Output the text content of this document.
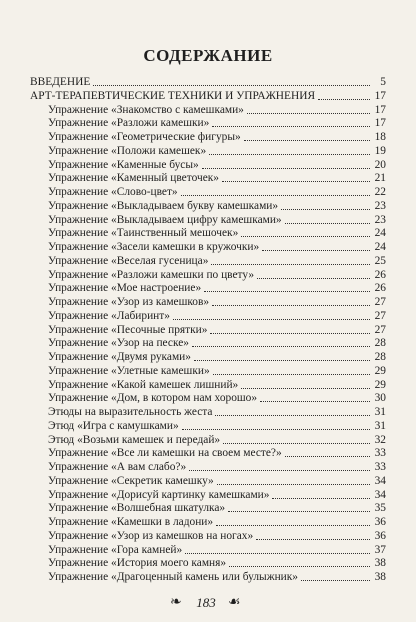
СОДЕРЖАНИЕ
ВВЕДЕНИЕ	5
АРТ-ТЕРАПЕВТИЧЕСКИЕ ТЕХНИКИ И УПРАЖНЕНИЯ	17
Упражнение «Знакомство с камешками»	17
Упражнение «Разложи камешки»	17
Упражнение «Геометрические фигуры»	18
Упражнение «Положи камешек»	19
Упражнение «Каменные бусы»	20
Упражнение «Каменный цветочек»	21
Упражнение «Слово-цвет»	22
Упражнение «Выкладываем букву камешками»	23
Упражнение «Выкладываем цифру камешками»	23
Упражнение «Таинственный мешочек»	24
Упражнение «Засели камешки в кружочки»	24
Упражнение «Веселая гусеница»	25
Упражнение «Разложи камешки по цвету»	26
Упражнение «Мое настроение»	26
Упражнение «Узор из камешков»	27
Упражнение «Лабиринт»	27
Упражнение «Песочные прятки»	27
Упражнение «Узор на песке»	28
Упражнение «Двумя руками»	28
Упражнение «Улетные камешки»	29
Упражнение «Какой камешек лишний»	29
Упражнение «Дом, в котором нам хорошо»	30
Этюды на выразительность жеста	31
Этюд «Игра с камушками»	31
Этюд «Возьми камешек и передай»	32
Упражнение «Все ли камешки на своем месте?»	33
Упражнение «А вам слабо?»	33
Упражнение «Секретик камешку»	34
Упражнение «Дорисуй картинку камешками»	34
Упражнение «Волшебная шкатулка»	35
Упражнение «Камешки в ладони»	36
Упражнение «Узор из камешков на ногах»	36
Упражнение «Гора камней»	37
Упражнение «История моего камня»	38
Упражнение «Драгоценный камень или булыжник»	38
❧	183 ☙
